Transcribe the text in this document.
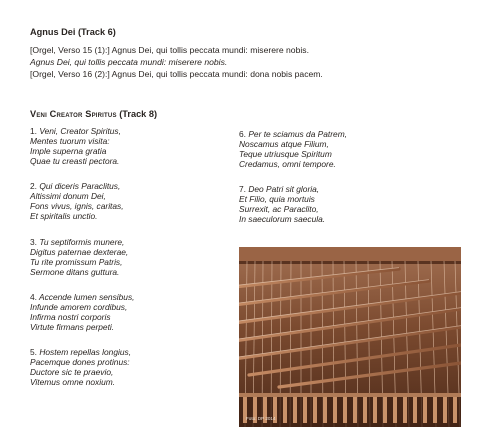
Agnus Dei (Track 6)
[Orgel, Verso 15 (1):] Agnus Dei, qui tollis peccata mundi: miserere nobis.
Agnus Dei, qui tollis peccata mundi: miserere nobis.
[Orgel, Verso 16 (2):] Agnus Dei, qui tollis peccata mundi: dona nobis pacem.
Veni Creator Spiritus (Track 8)
1. Veni, Creator Spiritus,
Mentes tuorum visita:
Imple superna gratia
Quae tu creasti pectora.
2. Qui diceris Paraclitus,
Altissimi donum Dei,
Fons vivus, ignis, caritas,
Et spiritalis unctio.
3. Tu septiformis munere,
Digitus paternae dexterae,
Tu rite promissum Patris,
Sermone ditans guttura.
4. Accende lumen sensibus,
Infunde amorem cordibus,
Infirma nostri corporis
Virtute firmans perpeti.
5. Hostem repellas longius,
Pacemque dones protinus:
Ductore sic te praevio,
Vitemus omne noxium.
6. Per te sciamus da Patrem,
Noscamus atque Filium,
Teque utriusque Spiritum
Credamus, omni tempore.
7. Deo Patri sit gloria,
Et Filio, quia mortuis
Surrexit, ac Paraclito,
In saeculorum saecula.
Foto: DP 2014
